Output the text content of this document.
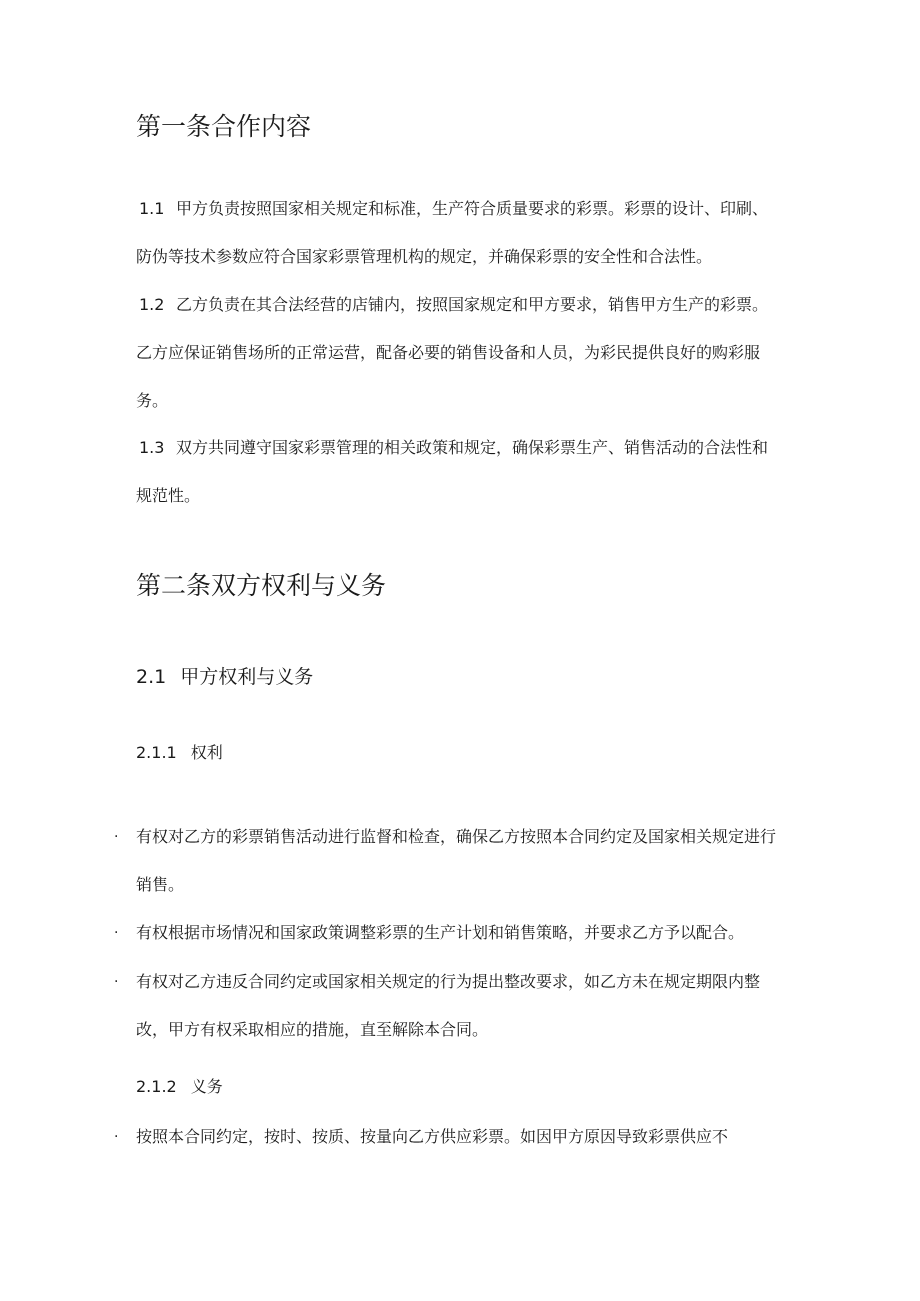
第一条合作内容
1.1 甲方负责按照国家相关规定和标准，生产符合质量要求的彩票。彩票的设计、印刷、防伪等技术参数应符合国家彩票管理机构的规定，并确保彩票的安全性和合法性。
1.2 乙方负责在其合法经营的店铺内，按照国家规定和甲方要求，销售甲方生产的彩票。乙方应保证销售场所的正常运营，配备必要的销售设备和人员，为彩民提供良好的购彩服务。
1.3 双方共同遵守国家彩票管理的相关政策和规定，确保彩票生产、销售活动的合法性和规范性。
第二条双方权利与义务
2.1 甲方权利与义务
2.1.1 权利
· 有权对乙方的彩票销售活动进行监督和检查，确保乙方按照本合同约定及国家相关规定进行销售。
· 有权根据市场情况和国家政策调整彩票的生产计划和销售策略，并要求乙方予以配合。
· 有权对乙方违反合同约定或国家相关规定的行为提出整改要求，如乙方未在规定期限内整改，甲方有权采取相应的措施，直至解除本合同。
2.1.2 义务
· 按照本合同约定，按时、按质、按量向乙方供应彩票。如因甲方原因导致彩票供应不
